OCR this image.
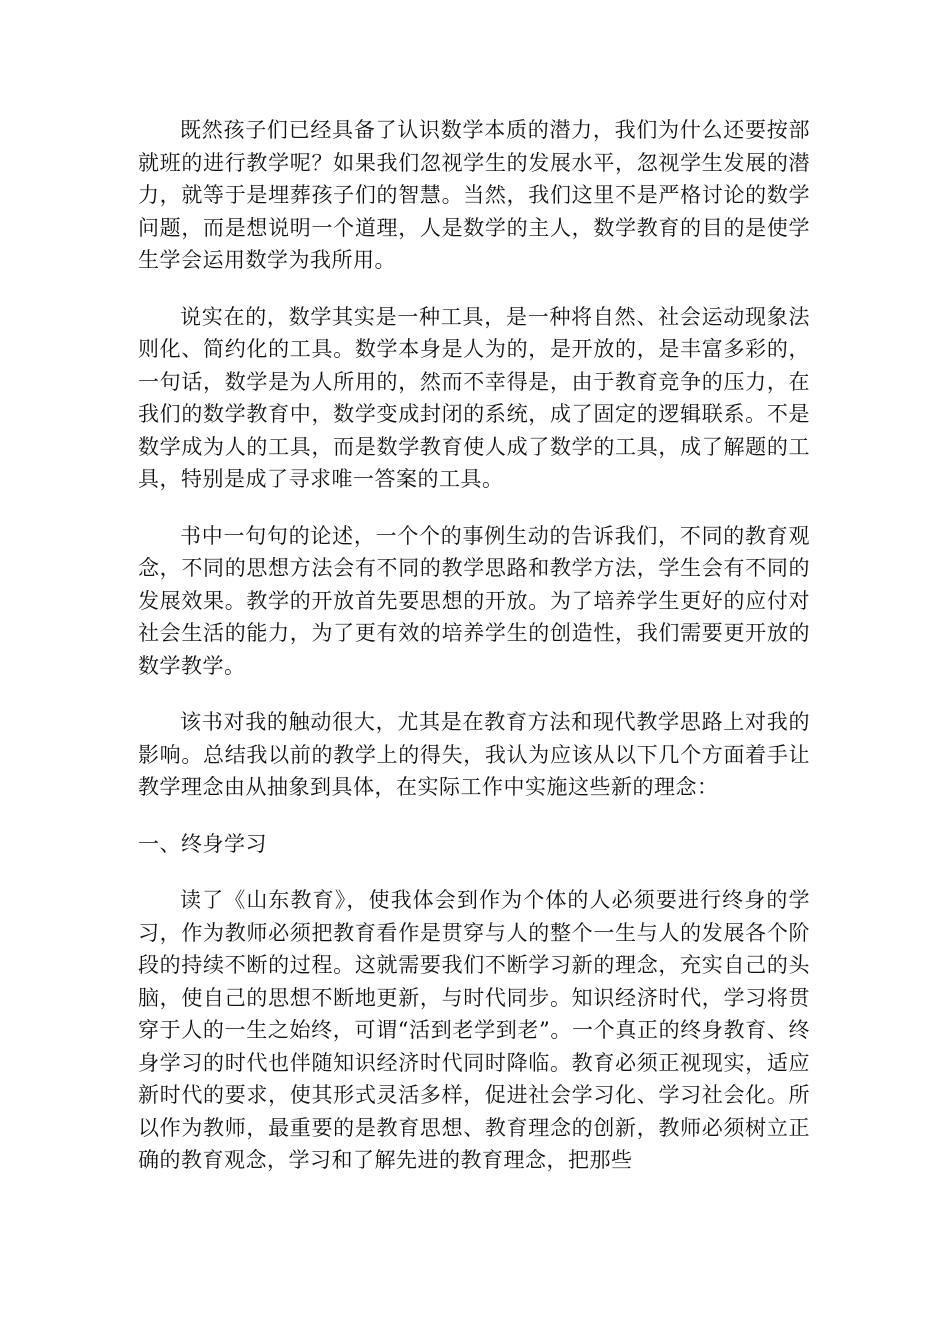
既然孩子们已经具备了认识数学本质的潜力，我们为什么还要按部就班的进行教学呢？如果我们忽视学生的发展水平，忽视学生发展的潜力，就等于是埋葬孩子们的智慧。当然，我们这里不是严格讨论的数学问题，而是想说明一个道理，人是数学的主人，数学教育的目的是使学生学会运用数学为我所用。

说实在的，数学其实是一种工具，是一种将自然、社会运动现象法则化、简约化的工具。数学本身是人为的，是开放的，是丰富多彩的，一句话，数学是为人所用的，然而不幸得是，由于教育竞争的压力，在我们的数学教育中，数学变成封闭的系统，成了固定的逻辑联系。不是数学成为人的工具，而是数学教育使人成了数学的工具，成了解题的工具，特别是成了寻求唯一答案的工具。

书中一句句的论述，一个个的事例生动的告诉我们，不同的教育观念，不同的思想方法会有不同的教学思路和教学方法，学生会有不同的发展效果。教学的开放首先要思想的开放。为了培养学生更好的应付对社会生活的能力，为了更有效的培养学生的创造性，我们需要更开放的数学教学。

该书对我的触动很大，尤其是在教育方法和现代教学思路上对我的影响。总结我以前的教学上的得失，我认为应该从以下几个方面着手让教学理念由从抽象到具体，在实际工作中实施这些新的理念：

一、终身学习

读了《山东教育》，使我体会到作为个体的人必须要进行终身的学习，作为教师必须把教育看作是贯穿与人的整个一生与人的发展各个阶段的持续不断的过程。这就需要我们不断学习新的理念，充实自己的头脑，使自己的思想不断地更新，与时代同步。知识经济时代，学习将贯穿于人的一生之始终，可谓“活到老学到老”。一个真正的终身教育、终身学习的时代也伴随知识经济时代同时降临。教育必须正视现实，适应新时代的要求，使其形式灵活多样，促进社会学习化、学习社会化。所以作为教师，最重要的是教育思想、教育理念的创新，教师必须树立正确的教育观念，学习和了解先进的教育理念，把那些
